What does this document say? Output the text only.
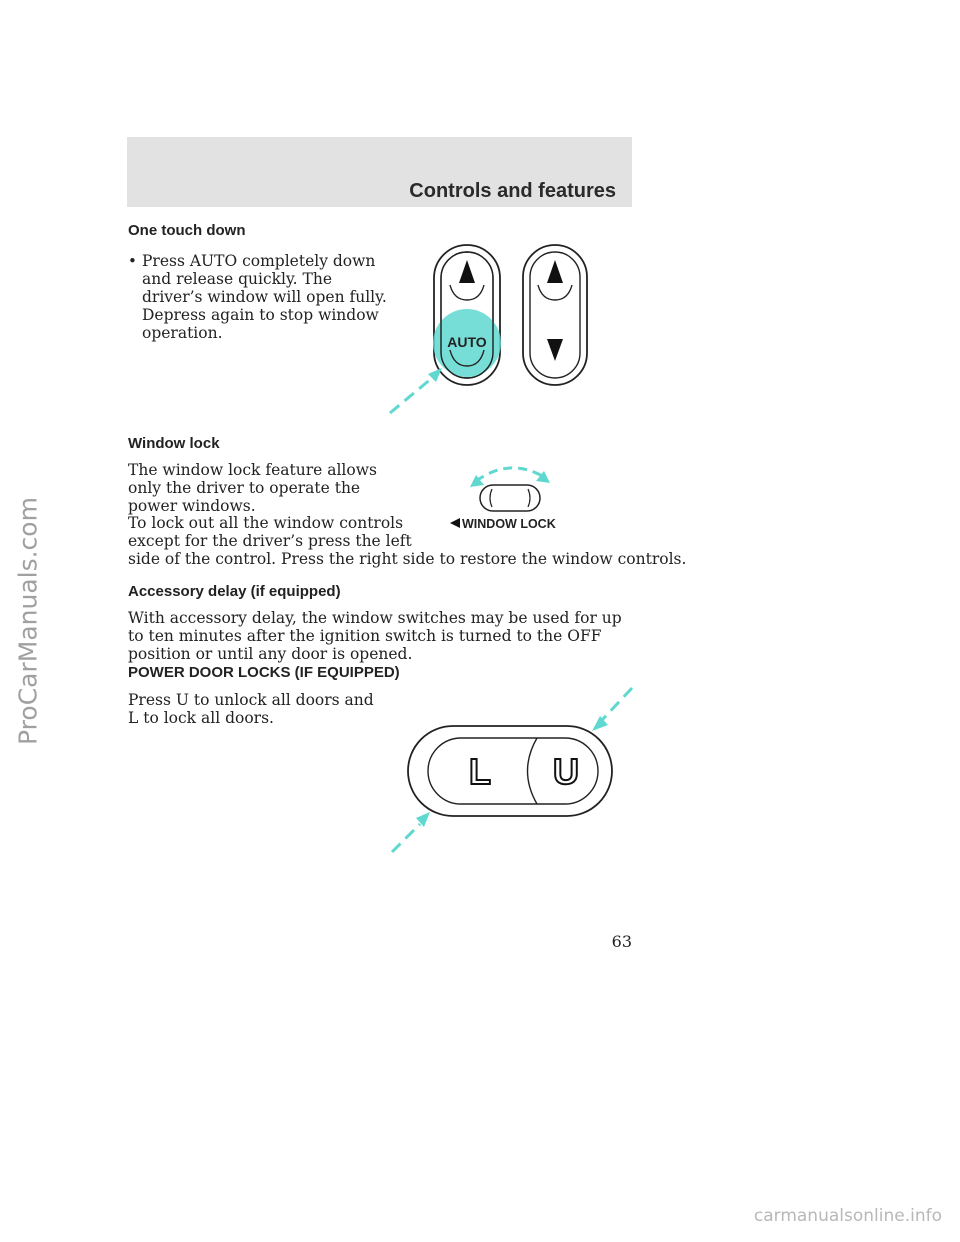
Controls and features
One touch down
• Press AUTO completely down and release quickly. The driver’s window will open fully. Depress again to stop window operation.	AUTO
Window lock

The window lock feature allows only the driver to operate the power windows.

To lock out all the window controls

except for the driver’s press the left

side of the control. Press the right side to restore the window controls.

WINDOW LOCK
Accessory delay (if equipped)

With accessory delay, the window switches may be used for up to ten minutes after the ignition switch is turned to the OFF position or until any door is opened.

POWER DOOR LOCKS (IF EQUIPPED)

Press U to unlock all doors and L to lock all doors.

L U
63
ProCarManuals.com
carmanualsonline.info
